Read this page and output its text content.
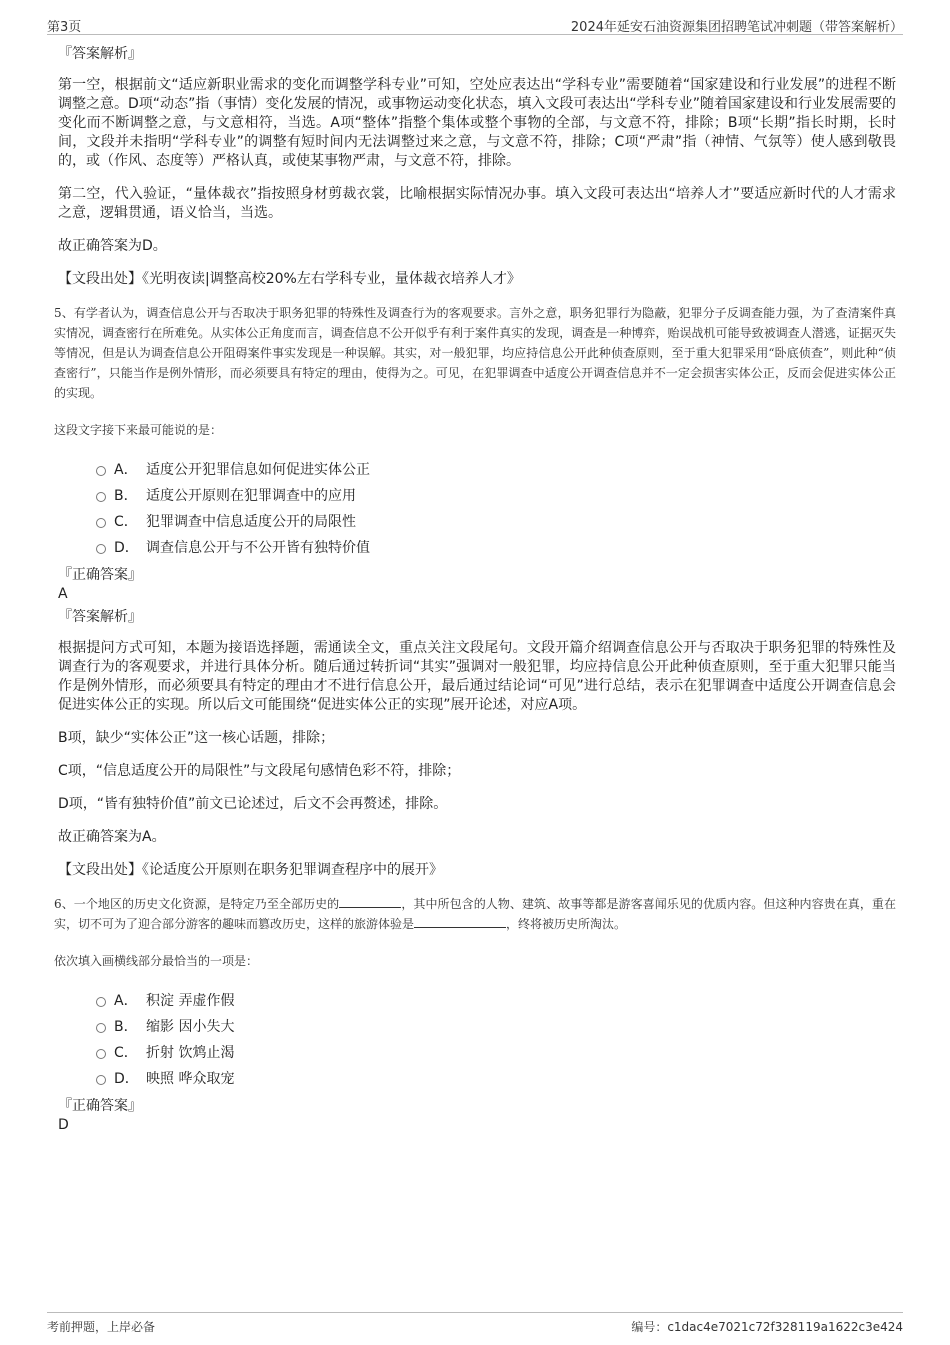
第3页	2024年延安石油资源集团招聘笔试冲刺题（带答案解析）
『答案解析』
第一空，根据前文“适应新职业需求的变化而调整学科专业”可知，空处应表达出“学科专业”需要随着“国家建设和行业发展”的进程不断调整之意。D项“动态”指（事情）变化发展的情况，或事物运动变化状态，填入文段可表达出“学科专业”随着国家建设和行业发展需要的变化而不断调整之意，与文意相符，当选。A项“整体”指整个集体或整个事物的全部，与文意不符，排除；B项“长期”指长时期，长时间，文段并未指明“学科专业”的调整有短时间内无法调整过来之意，与文意不符，排除；C项“严肃”指（神情、气氛等）使人感到敬畏的，或（作风、态度等）严格认真，或使某事物严肃，与文意不符，排除。
第二空，代入验证，“量体裁衣”指按照身材剪裁衣裳，比喻根据实际情况办事。填入文段可表达出“培养人才”要适应新时代的人才需求之意，逻辑贯通，语义恰当，当选。
故正确答案为D。
【文段出处】《光明夜读|调整高校20%左右学科专业，量体裁衣培养人才》
5、有学者认为，调查信息公开与否取决于职务犯罪的特殊性及调查行为的客观要求。言外之意，职务犯罪行为隐蔽，犯罪分子反调查能力强，为了查清案件真实情况，调查密行在所难免。从实体公正角度而言，调查信息不公开似乎有利于案件真实的发现，调查是一种博弈，贻误战机可能导致被调查人潜逃，证据灭失等情况，但是认为调查信息公开阻碍案件事实发现是一种误解。其实，对一般犯罪，均应持信息公开此种侦查原则，至于重大犯罪采用“卧底侦查”，则此种“侦查密行”，只能当作是例外情形，而必须要具有特定的理由，使得为之。可见，在犯罪调查中适度公开调查信息并不一定会损害实体公正，反而会促进实体公正的实现。
这段文字接下来最可能说的是：
A． 适度公开犯罪信息如何促进实体公正
B． 适度公开原则在犯罪调查中的应用
C． 犯罪调查中信息适度公开的局限性
D． 调查信息公开与不公开皆有独特价值
『正确答案』
A
『答案解析』
根据提问方式可知，本题为接语选择题，需通读全文，重点关注文段尾句。文段开篇介绍调查信息公开与否取决于职务犯罪的特殊性及调查行为的客观要求，并进行具体分析。随后通过转折词“其实”强调对一般犯罪，均应持信息公开此种侦查原则，至于重大犯罪只能当作是例外情形，而必须要具有特定的理由才不进行信息公开，最后通过结论词“可见”进行总结，表示在犯罪调查中适度公开调查信息会促进实体公正的实现。所以后文可能围绕“促进实体公正的实现”展开论述，对应A项。
B项，缺少“实体公正”这一核心话题，排除；
C项，“信息适度公开的局限性”与文段尾句感情色彩不符，排除；
D项，“皆有独特价值”前文已论述过，后文不会再赘述，排除。
故正确答案为A。
【文段出处】《论适度公开原则在职务犯罪调查程序中的展开》
6、一个地区的历史文化资源，是特定乃至全部历史的	，其中所包含的人物、建筑、故事等都是游客喜闻乐见的优质内容。但这种内容贵在真，重在实，切不可为了迎合部分游客的趣味而篡改历史，这样的旅游体验是	，终将被历史所淘汰。
依次填入画横线部分最恰当的一项是：
A． 积淀 弄虚作假
B． 缩影 因小失大
C． 折射 饮鸩止渴
D． 映照 哗众取宠
『正确答案』
D
考前押题，上岸必备	编号：c1dac4e7021c72f328119a1622c3e424
